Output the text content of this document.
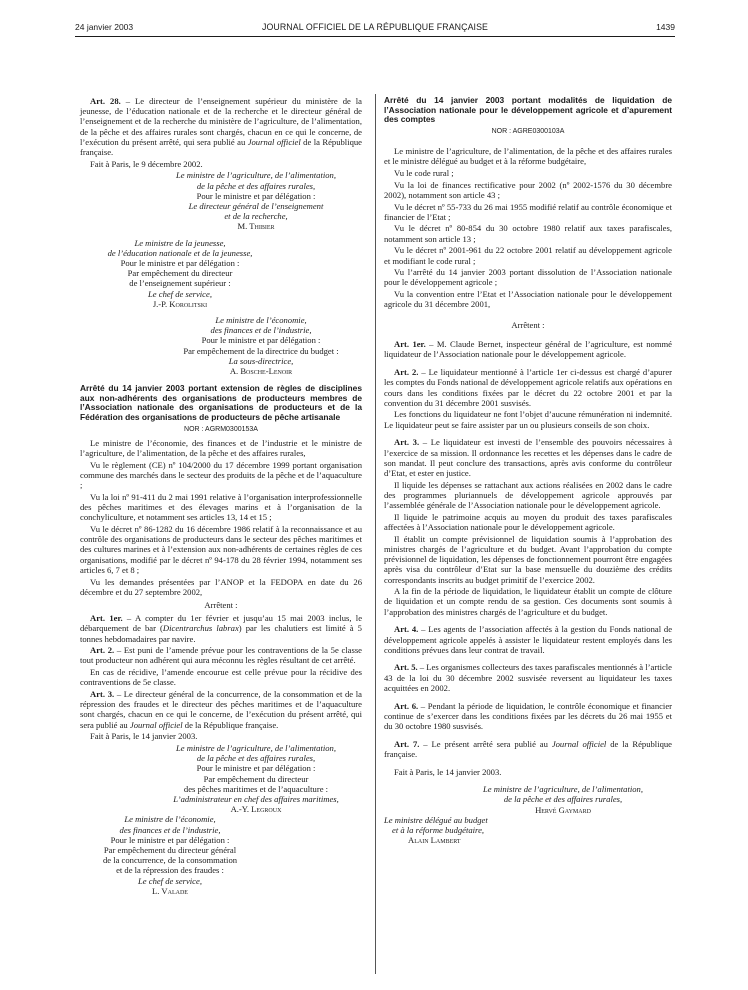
24 janvier 2003	JOURNAL OFFICIEL DE LA RÉPUBLIQUE FRANÇAISE	1439

Art. 28. – Le directeur de l’enseignement supérieur du ministère de la jeunesse, de l’éducation nationale et de la recherche et le directeur général de l’enseignement et de la recherche du ministère de l’agriculture, de l’alimentation, de la pêche et des affaires rurales sont chargés, chacun en ce qui le concerne, de l’exécution du présent arrêté, qui sera publié au Journal officiel de la République française.

Fait à Paris, le 9 décembre 2002.

Le ministre de l’agriculture, de l’alimentation,
de la pêche et des affaires rurales,
Pour le ministre et par délégation :
Le directeur général de l’enseignement
et de la recherche,
M. Thibier
Le ministre de la jeunesse,
de l’éducation nationale et de la jeunesse,
Pour le ministre et par délégation :
Par empêchement du directeur
de l’enseignement supérieur :
Le chef de service,
J.-P. Korolitski
Le ministre de l’économie,
des finances et de l’industrie,
Pour le ministre et par délégation :
Par empêchement de la directrice du budget :
La sous-directrice,
A. Bosche-Lenoir
Arrêté du 14 janvier 2003 portant extension de règles de disciplines aux non-adhérents des organisations de producteurs membres de l’Association nationale des organisations de producteurs et de la Fédération des organisations de producteurs de pêche artisanale
NOR : AGRM0300153A

Le ministre de l’économie, des finances et de l’industrie et le ministre de l’agriculture, de l’alimentation, de la pêche et des affaires rurales,

Vu le règlement (CE) nº 104/2000 du 17 décembre 1999 portant organisation commune des marchés dans le secteur des produits de la pêche et de l’aquaculture ;

Vu la loi nº 91-411 du 2 mai 1991 relative à l’organisation interprofessionnelle des pêches maritimes et des élevages marins et à l’organisation de la conchyliculture, et notamment ses articles 13, 14 et 15 ;

Vu le décret nº 86-1282 du 16 décembre 1986 relatif à la reconnaissance et au contrôle des organisations de producteurs dans le secteur des pêches maritimes et des cultures marines et à l’extension aux non-adhérents de certaines règles de ces organisations, modifié par le décret nº 94-178 du 28 février 1994, notamment ses articles 6, 7 et 8 ;

Vu les demandes présentées par l’ANOP et la FEDOPA en date du 26 décembre et du 27 septembre 2002,

Arrêtent :

Art. 1er. – A compter du 1er février et jusqu’au 15 mai 2003 inclus, le débarquement de bar (Dicentrarchus labrax) par les chalutiers est limité à 5 tonnes hebdomadaires par navire.

Art. 2. – Est puni de l’amende prévue pour les contraventions de la 5e classe tout producteur non adhérent qui aura méconnu les règles résultant de cet arrêté.

En cas de récidive, l’amende encourue est celle prévue pour la récidive des contraventions de 5e classe.

Art. 3. – Le directeur général de la concurrence, de la consommation et de la répression des fraudes et le directeur des pêches maritimes et de l’aquaculture sont chargés, chacun en ce qui le concerne, de l’exécution du présent arrêté, qui sera publié au Journal officiel de la République française.

Fait à Paris, le 14 janvier 2003.

Le ministre de l’agriculture, de l’alimentation,
de la pêche et des affaires rurales,
Pour le ministre et par délégation :
Par empêchement du directeur
des pêches maritimes et de l’aquaculture :
L’administrateur en chef des affaires maritimes,
A.-Y. Legroux
Le ministre de l’économie,
des finances et de l’industrie,
Pour le ministre et par délégation :
Par empêchement du directeur général
de la concurrence, de la consommation
et de la répression des fraudes :
Le chef de service,
L. Valade
Arrêté du 14 janvier 2003 portant modalités de liquidation de l’Association nationale pour le développement agricole et d’apurement des comptes
NOR : AGRE0300103A

Le ministre de l’agriculture, de l’alimentation, de la pêche et des affaires rurales et le ministre délégué au budget et à la réforme budgétaire,

Vu le code rural ;

Vu la loi de finances rectificative pour 2002 (nº 2002-1576 du 30 décembre 2002), notamment son article 43 ;

Vu le décret nº 55-733 du 26 mai 1955 modifié relatif au contrôle économique et financier de l’Etat ;

Vu le décret nº 80-854 du 30 octobre 1980 relatif aux taxes parafiscales, notamment son article 13 ;

Vu le décret nº 2001-961 du 22 octobre 2001 relatif au développement agricole et modifiant le code rural ;

Vu l’arrêté du 14 janvier 2003 portant dissolution de l’Association nationale pour le développement agricole ;

Vu la convention entre l’Etat et l’Association nationale pour le développement agricole du 31 décembre 2001,

Arrêtent :

Art. 1er. – M. Claude Bernet, inspecteur général de l’agriculture, est nommé liquidateur de l’Association nationale pour le développement agricole.

Art. 2. – Le liquidateur mentionné à l’article 1er ci-dessus est chargé d’apurer les comptes du Fonds national de développement agricole relatifs aux opérations en cours dans les conditions fixées par le décret du 22 octobre 2001 et par la convention du 31 décembre 2001 susvisés.

Les fonctions du liquidateur ne font l’objet d’aucune rémunération ni indemnité. Le liquidateur peut se faire assister par un ou plusieurs conseils de son choix.

Art. 3. – Le liquidateur est investi de l’ensemble des pouvoirs nécessaires à l’exercice de sa mission. Il ordonnance les recettes et les dépenses dans le cadre de son mandat. Il peut conclure des transactions, après avis conforme du contrôleur d’Etat, et ester en justice.

Il liquide les dépenses se rattachant aux actions réalisées en 2002 dans le cadre des programmes pluriannuels de développement agricole approuvés par l’assemblée générale de l’Association nationale pour le développement agricole.

Il liquide le patrimoine acquis au moyen du produit des taxes parafiscales affectées à l’Association nationale pour le développement agricole.

Il établit un compte prévisionnel de liquidation soumis à l’approbation des ministres chargés de l’agriculture et du budget. Avant l’approbation du compte prévisionnel de liquidation, les dépenses de fonctionnement pourront être engagées après visa du contrôleur d’Etat sur la base mensuelle du douzième des crédits correspondants inscrits au budget primitif de l’exercice 2002.

A la fin de la période de liquidation, le liquidateur établit un compte de clôture de liquidation et un compte rendu de sa gestion. Ces documents sont soumis à l’approbation des ministres chargés de l’agriculture et du budget.

Art. 4. – Les agents de l’association affectés à la gestion du Fonds national de développement agricole appelés à assister le liquidateur restent employés dans les conditions prévues dans leur contrat de travail.

Art. 5. – Les organismes collecteurs des taxes parafiscales mentionnés à l’article 43 de la loi du 30 décembre 2002 susvisée reversent au liquidateur les taxes acquittées en 2002.

Art. 6. – Pendant la période de liquidation, le contrôle économique et financier continue de s’exercer dans les conditions fixées par les décrets du 26 mai 1955 et du 30 octobre 1980 susvisés.

Art. 7. – Le présent arrêté sera publié au Journal officiel de la République française.

Fait à Paris, le 14 janvier 2003.

Le ministre de l’agriculture, de l’alimentation,
de la pêche et des affaires rurales,
Hervé Gaymard
Le ministre délégué au budget
et à la réforme budgétaire,
Alain Lambert
